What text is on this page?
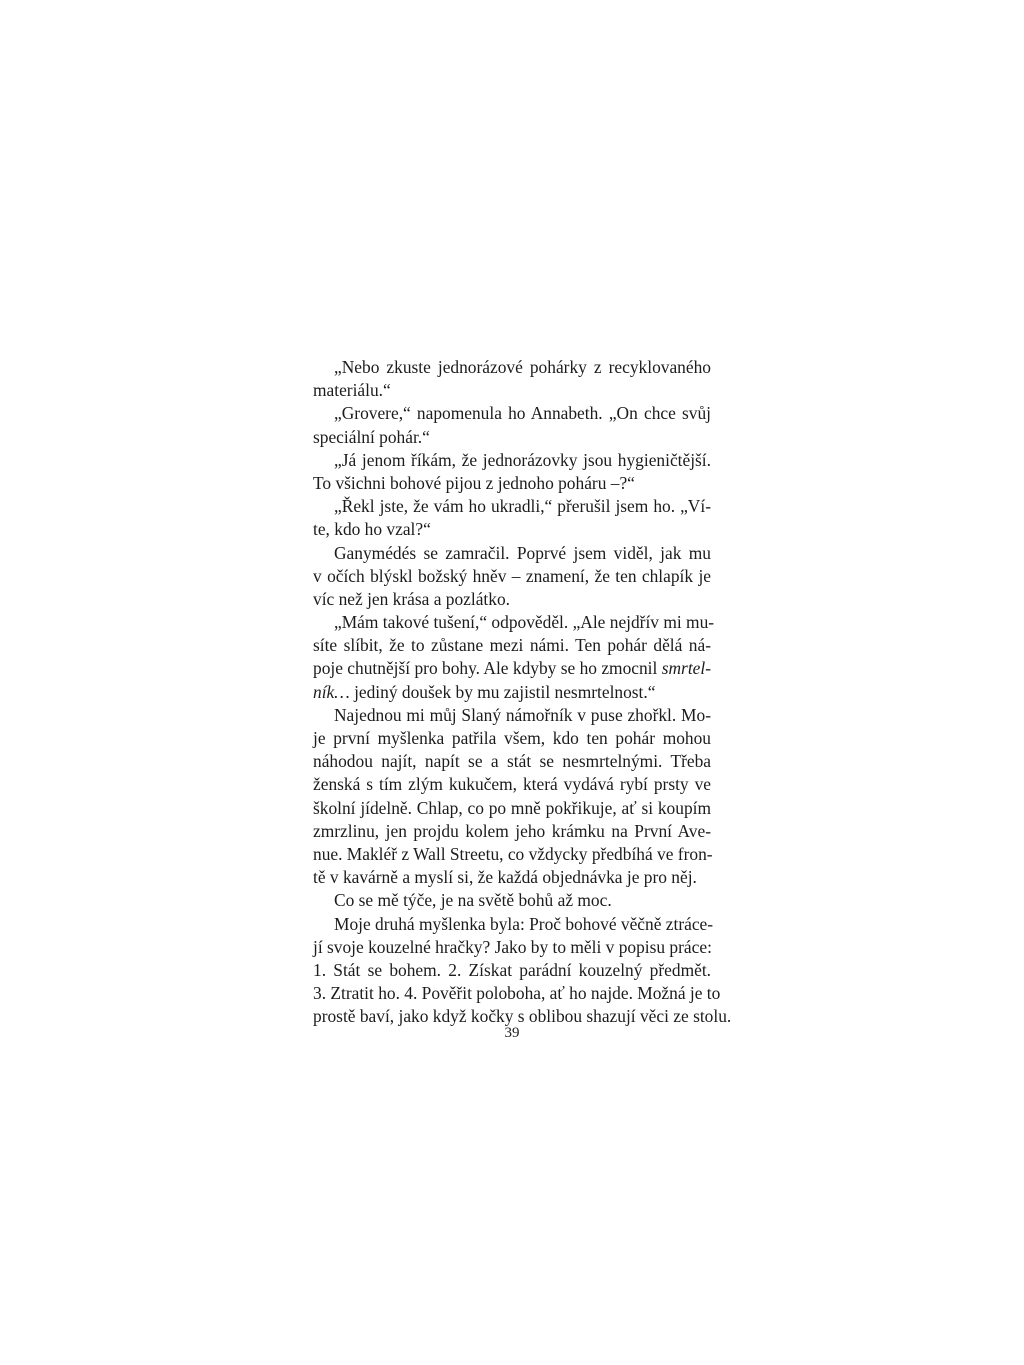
„Nebo zkuste jednorázové pohárky z recyklovaného
materiálu.“
„Grovere,“ napomenula ho Annabeth. „On chce svůj
speciální pohár.“
„Já jenom říkám, že jednorázovky jsou hygieničtější.
To všichni bohové pijou z jednoho poháru –?“
„Řekl jste, že vám ho ukradli,“ přerušil jsem ho. „Ví-
te, kdo ho vzal?“
Ganymédés se zamračil. Poprvé jsem viděl, jak mu
v očích blýskl božský hněv – znamení, že ten chlapík je
víc než jen krása a pozlátko.
„Mám takové tušení,“ odpověděl. „Ale nejdřív mi mu-
síte slíbit, že to zůstane mezi námi. Ten pohár dělá ná-
poje chutnější pro bohy. Ale kdyby se ho zmocnil smrtel-
ník… jediný doušek by mu zajistil nesmrtelnost.“
Najednou mi můj Slaný námořník v puse zhořkl. Mo-
je první myšlenka patřila všem, kdo ten pohár mohou
náhodou najít, napít se a stát se nesmrtelnými. Třeba
ženská s tím zlým kukučem, která vydává rybí prsty ve
školní jídelně. Chlap, co po mně pokřikuje, ať si koupím
zmrzlinu, jen projdu kolem jeho krámku na První Ave-
nue. Makléř z Wall Streetu, co vždycky předbíhá ve fron-
tě v kavárně a myslí si, že každá objednávka je pro něj.
Co se mě týče, je na světě bohů až moc.
Moje druhá myšlenka byla: Proč bohové věčně ztráce-
jí svoje kouzelné hračky? Jako by to měli v popisu práce:
1. Stát se bohem. 2. Získat parádní kouzelný předmět.
3. Ztratit ho. 4. Pověřit poloboha, ať ho najde. Možná je to
prostě baví, jako když kočky s oblibou shazují věci ze stolu.
39
